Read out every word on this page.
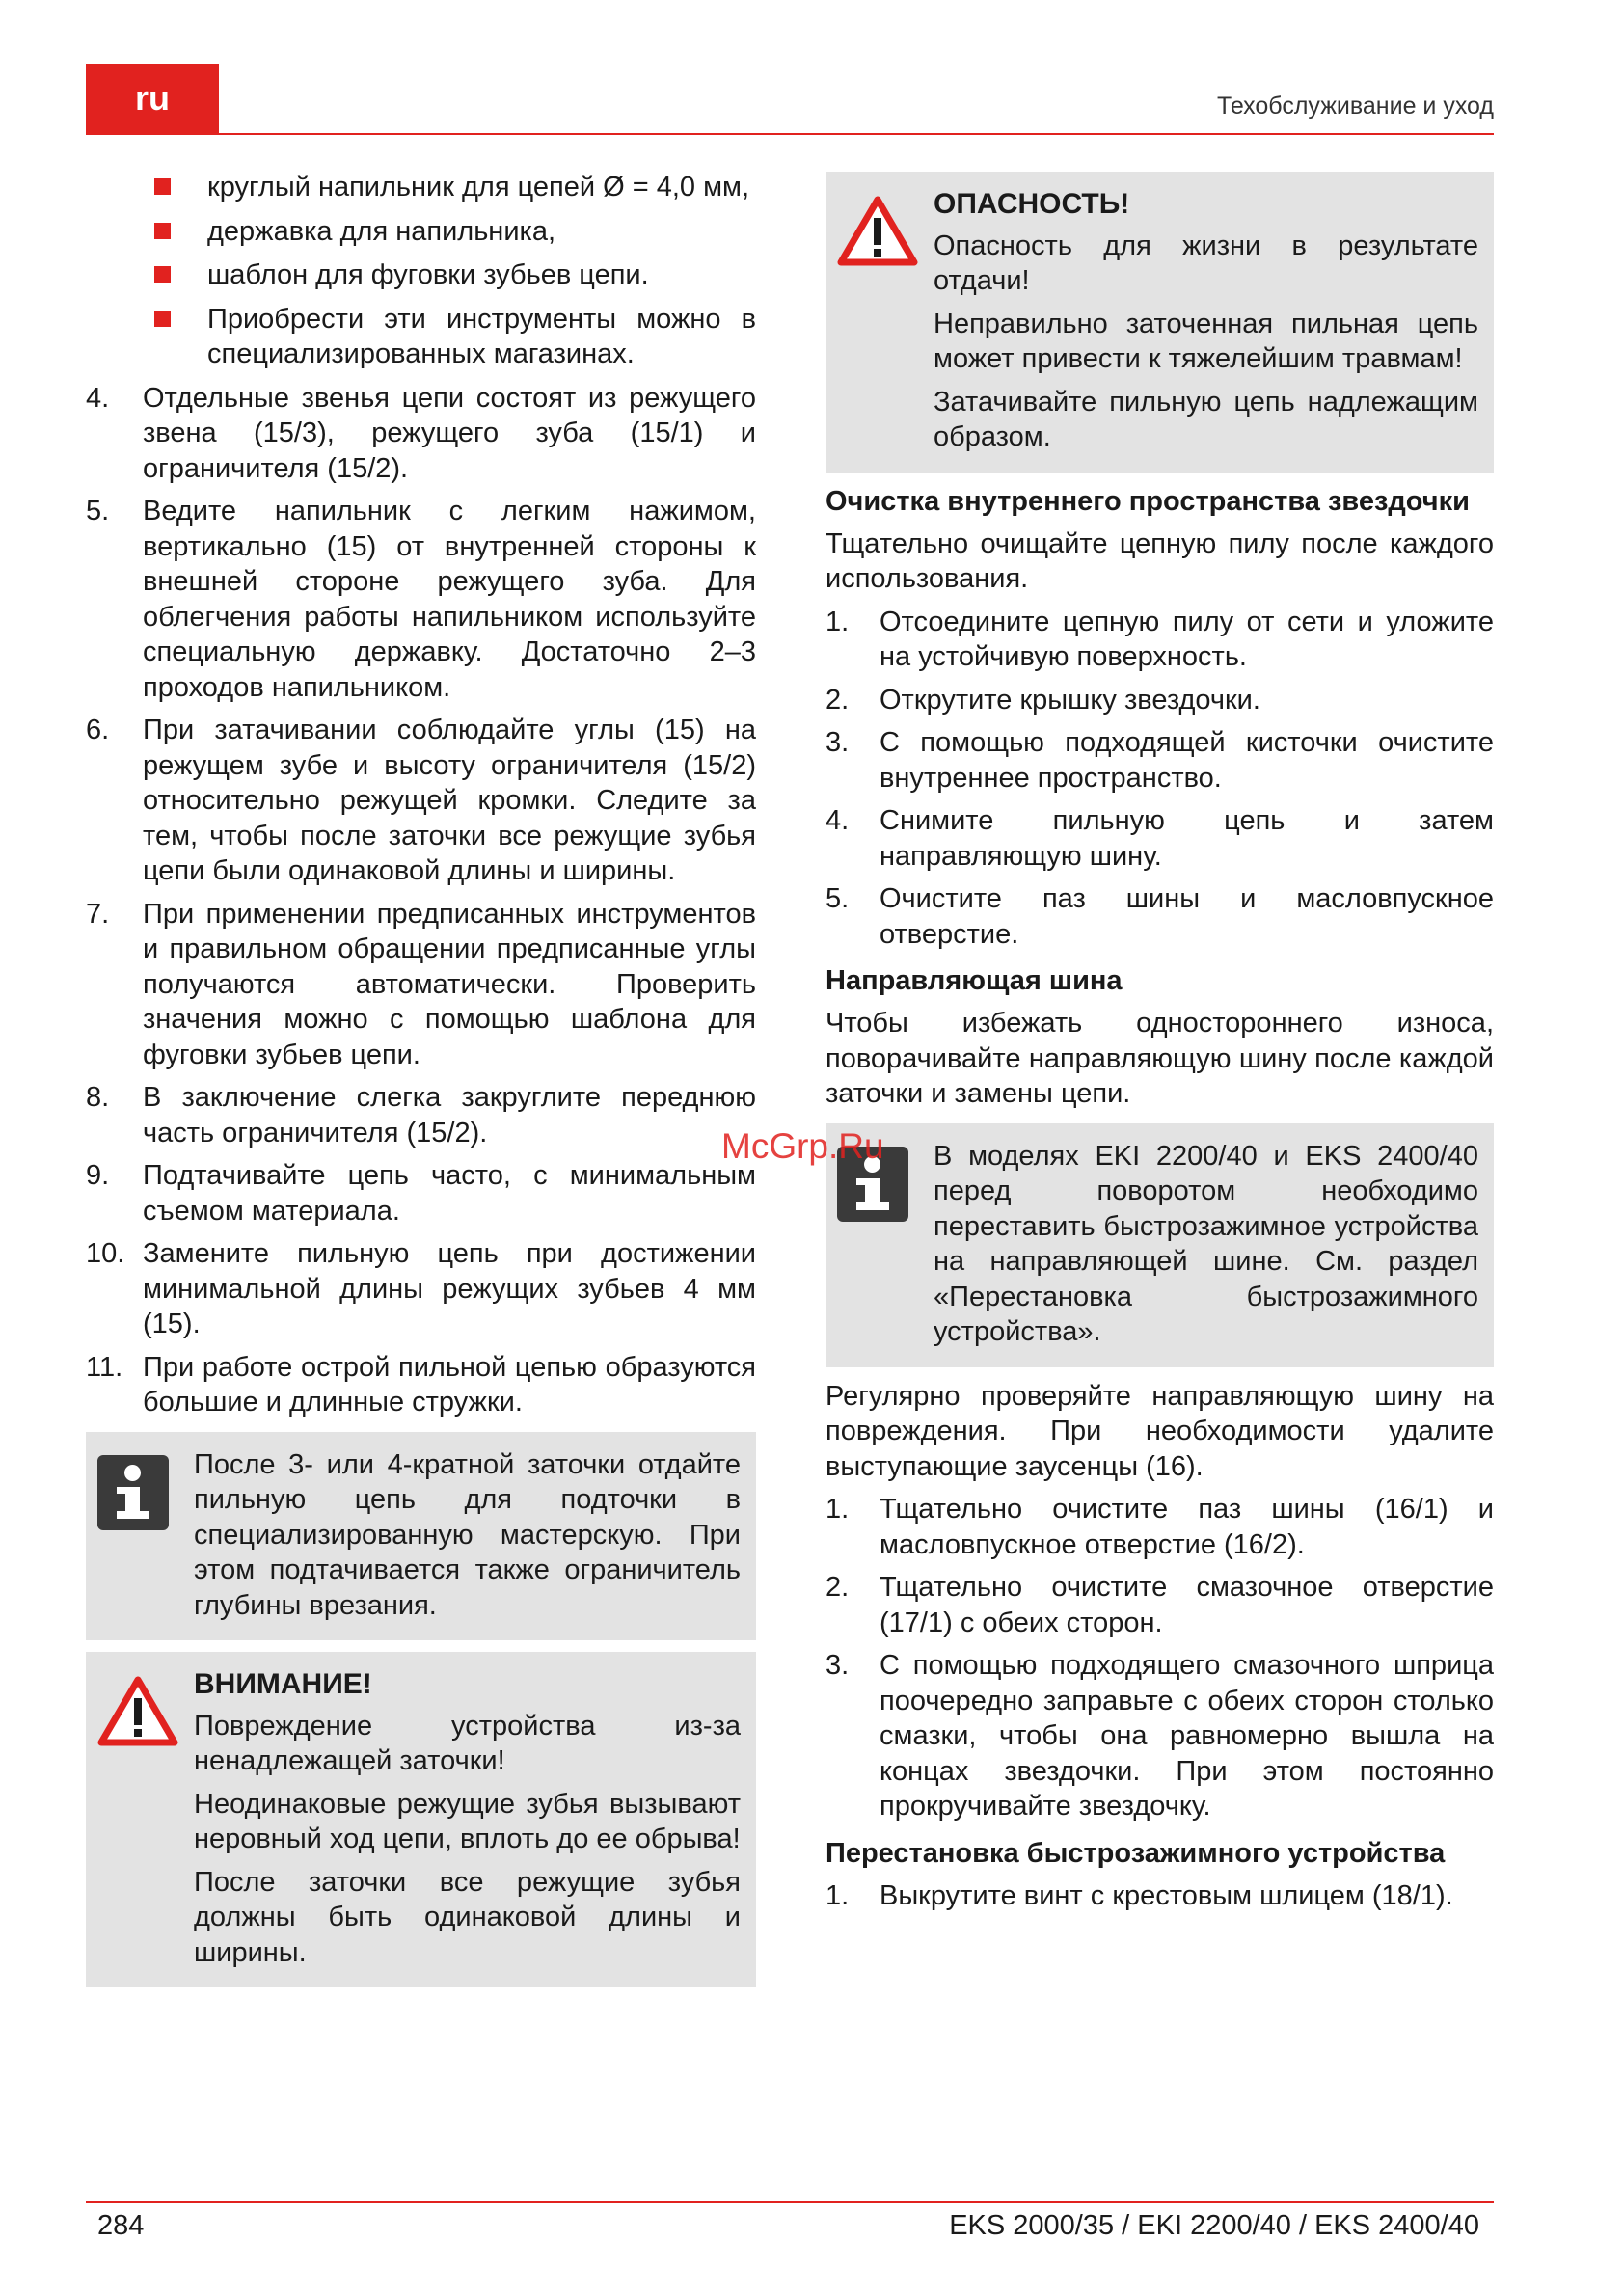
ru	Техобслуживание и уход
круглый напильник для цепей Ø = 4,0 мм,
державка для напильника,
шаблон для фуговки зубьев цепи.
Приобрести эти инструменты можно в специализированных магазинах.
4.	Отдельные звенья цепи состоят из режущего звена (15/3), режущего зуба (15/1) и ограничителя (15/2).
5.	Ведите напильник с легким нажимом, вертикально (15) от внутренней стороны к внешней стороне режущего зуба. Для облегчения работы напильником используйте специальную державку. Достаточно 2–3 проходов напильником.
6.	При затачивании соблюдайте углы (15) на режущем зубе и высоту ограничителя (15/2) относительно режущей кромки. Следите за тем, чтобы после заточки все режущие зубья цепи были одинаковой длины и ширины.
7.	При применении предписанных инструментов и правильном обращении предписанные углы получаются автоматически. Проверить значения можно с помощью шаблона для фуговки зубьев цепи.
8.	В заключение слегка закруглите переднюю часть ограничителя (15/2).
9.	Подтачивайте цепь часто, с минимальным съемом материала.
10. Замените пильную цепь при достижении минимальной длины режущих зубьев 4 мм (15).
11. При работе острой пильной цепью образуются большие и длинные стружки.

После 3- или 4-кратной заточки отдайте пильную цепь для подточки в специализированную мастерскую. При этом подтачивается также ограничитель глубины врезания.

ВНИМАНИЕ!

Повреждение устройства из-за ненадлежащей заточки!

Неодинаковые режущие зубья вызывают неровный ход цепи, вплоть до ее обрыва!

После заточки все режущие зубья должны быть одинаковой длины и ширины.

ОПАСНОСТЬ!

Опасность для жизни в результате отдачи!

Неправильно заточенная пильная цепь может привести к тяжелейшим травмам!

Затачивайте пильную цепь надлежащим образом.

Очистка внутреннего пространства звездочки

Тщательно очищайте цепную пилу после каждого использования.

1.	Отсоедините цепную пилу от сети и уложите на устойчивую поверхность.
2.	Открутите крышку звездочки.
3.	С помощью подходящей кисточки очистите внутреннее пространство.
4.	Снимите пильную цепь и затем направляющую шину.
5.	Очистите паз шины и масловпускное отверстие.
Направляющая шина

Чтобы избежать одностороннего износа, поворачивайте направляющую шину после каждой заточки и замены цепи.

В моделях EKI 2200/40 и EKS 2400/40 перед поворотом необходимо переставить быстрозажимное устройства на направляющей шине. См. раздел «Перестановка быстрозажимного устройства».

Регулярно проверяйте направляющую шину на повреждения. При необходимости удалите выступающие заусенцы (16).

1.	Тщательно очистите паз шины (16/1) и масловпускное отверстие (16/2).
2.	Тщательно очистите смазочное отверстие (17/1) с обеих сторон.
3.	С помощью подходящего смазочного шприца поочередно заправьте с обеих сторон столько смазки, чтобы она равномерно вышла на концах звездочки. При этом постоянно прокручивайте звездочку.
Перестановка быстрозажимного устройства
1.	Выкрутите винт с крестовым шлицем (18/1).
McGrp.Ru
284	EKS 2000/35 / EKI 2200/40 / EKS 2400/40
